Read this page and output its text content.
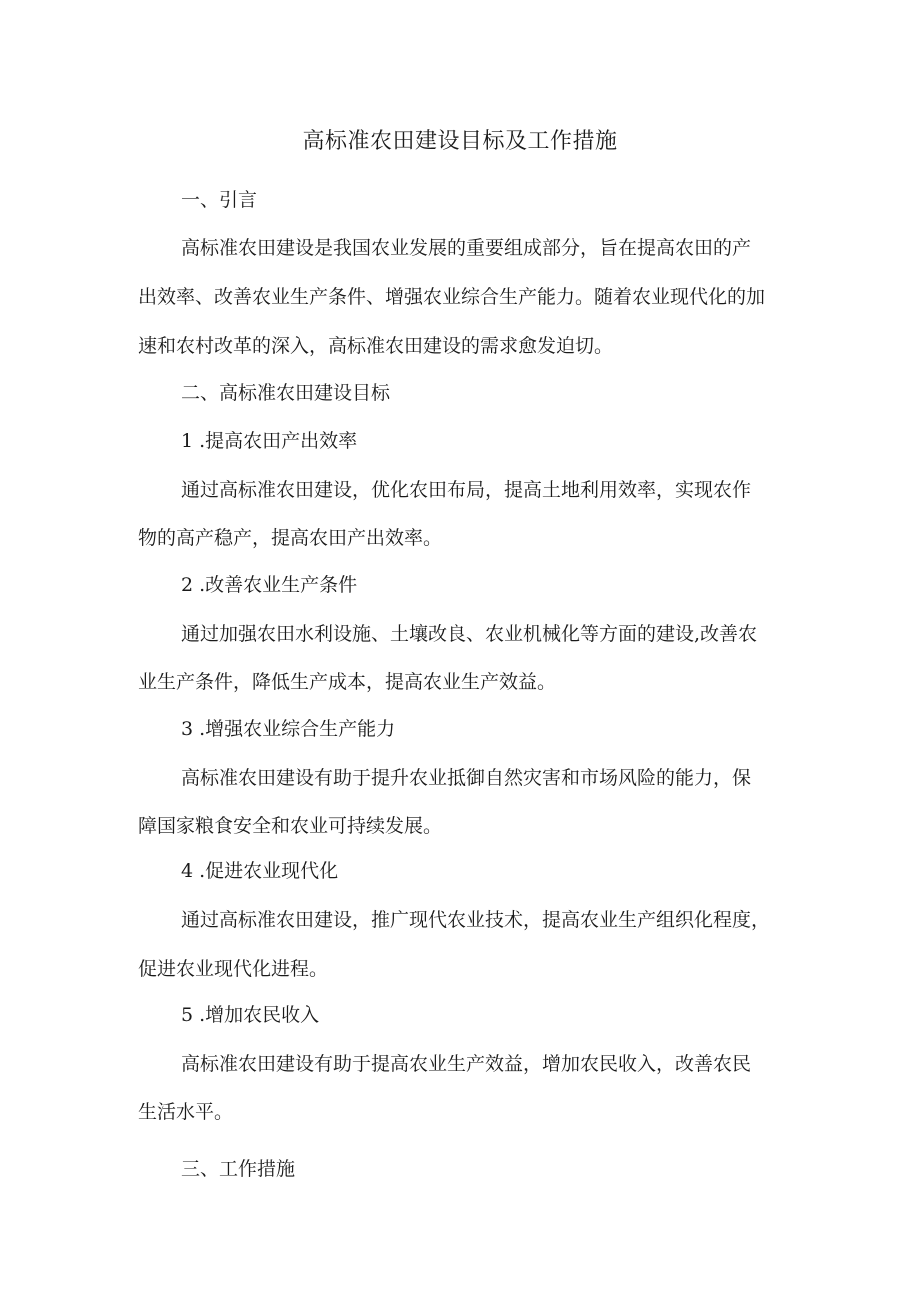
高标准农田建设目标及工作措施
一、引言
高标准农田建设是我国农业发展的重要组成部分，旨在提高农田的产
出效率、改善农业生产条件、增强农业综合生产能力。随着农业现代化的加
速和农村改革的深入，高标准农田建设的需求愈发迫切。
二、高标准农田建设目标
1 .提高农田产出效率
通过高标准农田建设，优化农田布局，提高土地利用效率，实现农作
物的高产稳产，提高农田产出效率。
2 .改善农业生产条件
通过加强农田水利设施、土壤改良、农业机械化等方面的建设,改善农
业生产条件，降低生产成本，提高农业生产效益。
3 .增强农业综合生产能力
高标准农田建设有助于提升农业抵御自然灾害和市场风险的能力，保
障国家粮食安全和农业可持续发展。
4 .促进农业现代化
通过高标准农田建设，推广现代农业技术，提高农业生产组织化程度，
促进农业现代化进程。
5 .增加农民收入
高标准农田建设有助于提高农业生产效益，增加农民收入，改善农民
生活水平。
三、工作措施
